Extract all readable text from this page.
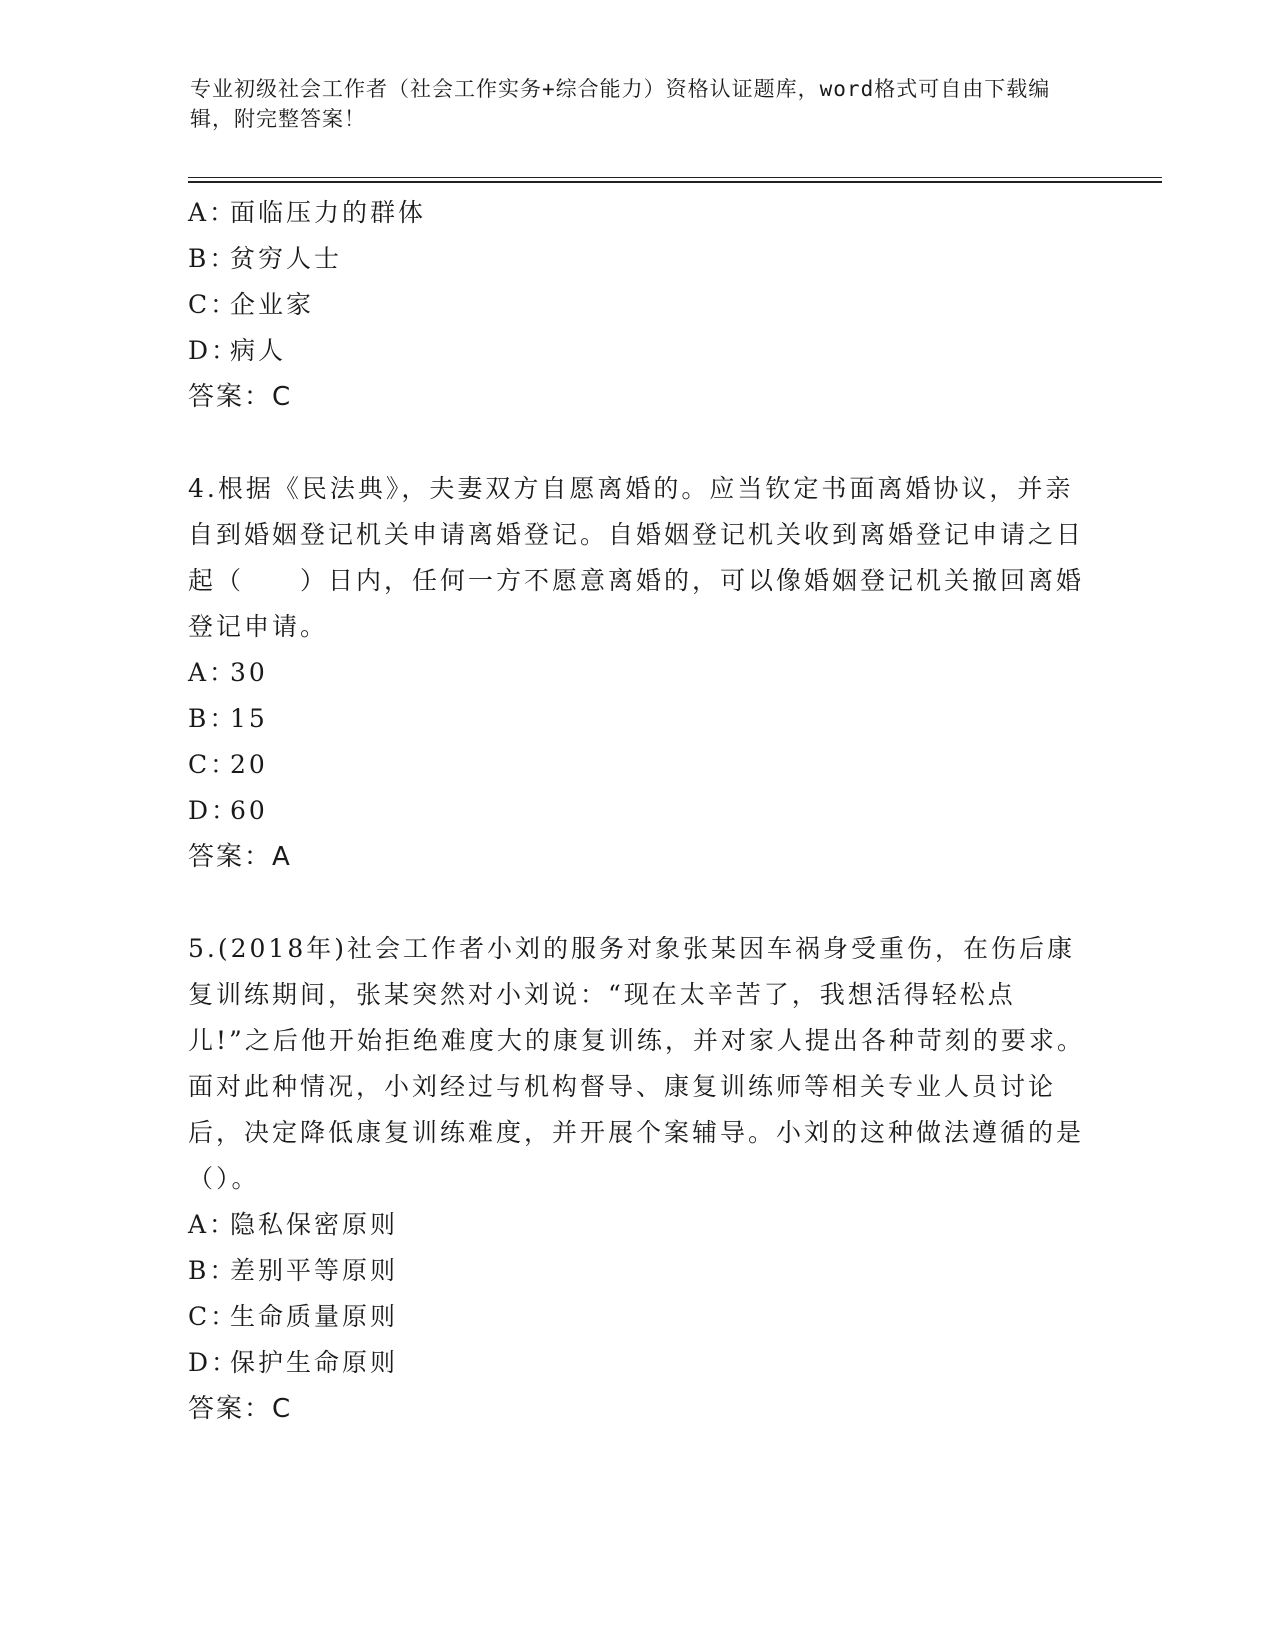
专业初级社会工作者（社会工作实务+综合能力）资格认证题库，word格式可自由下载编辑，附完整答案！
A：面临压力的群体
B：贫穷人士
C：企业家
D：病人
答案：C
4.根据《民法典》，夫妻双方自愿离婚的。应当钦定书面离婚协议，并亲自到婚姻登记机关申请离婚登记。自婚姻登记机关收到离婚登记申请之日起（　　）日内，任何一方不愿意离婚的，可以像婚姻登记机关撤回离婚登记申请。
A：30
B：15
C：20
D：60
答案：A
5.(2018年)社会工作者小刘的服务对象张某因车祸身受重伤，在伤后康复训练期间，张某突然对小刘说：“现在太辛苦了，我想活得轻松点儿!”之后他开始拒绝难度大的康复训练，并对家人提出各种苛刻的要求。面对此种情况，小刘经过与机构督导、康复训练师等相关专业人员讨论后，决定降低康复训练难度，并开展个案辅导。小刘的这种做法遵循的是（）。
A：隐私保密原则
B：差别平等原则
C：生命质量原则
D：保护生命原则
答案：C
